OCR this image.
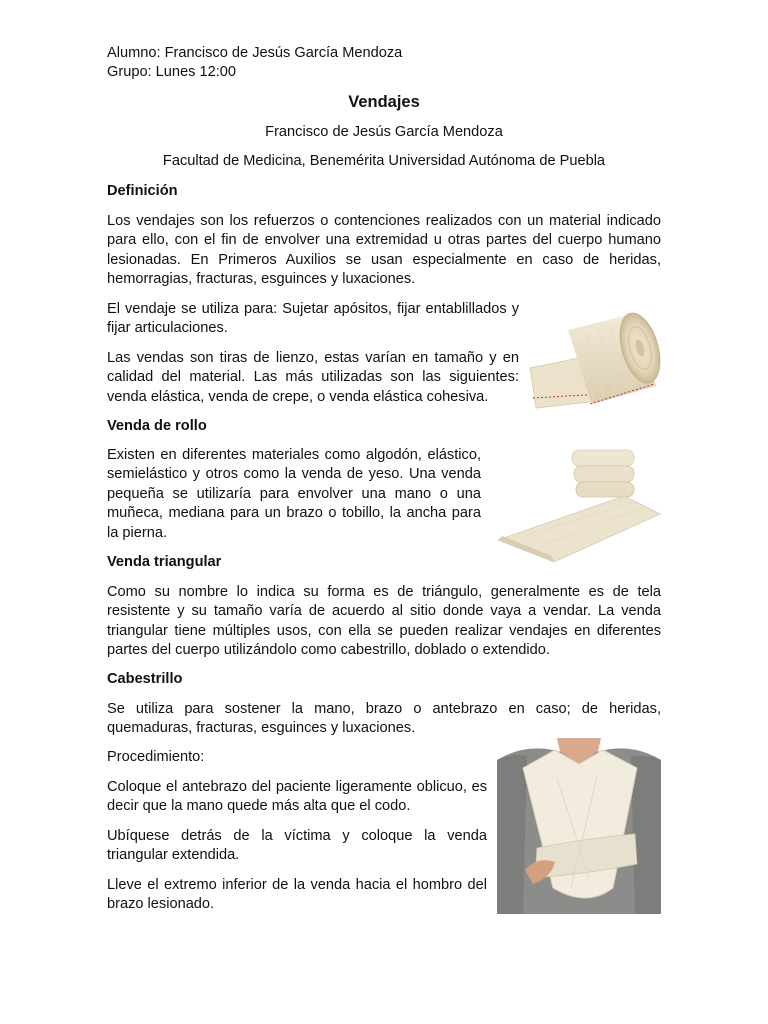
Alumno: Francisco de Jesús García Mendoza

Grupo: Lunes 12:00

Vendajes

Francisco de Jesús García Mendoza

Facultad de Medicina, Benemérita Universidad Autónoma de Puebla

Definición

Los vendajes son los refuerzos o contenciones realizados con un material indicado para ello, con el fin de envolver una extremidad u otras partes del cuerpo humano lesionadas. En Primeros Auxilios se usan especialmente en caso de heridas, hemorragias, fracturas, esguinces y luxaciones.

El vendaje se utiliza para: Sujetar apósitos, fijar entablillados y fijar articulaciones.

Las vendas son tiras de lienzo, estas varían en tamaño y en calidad del material. Las más utilizadas son las siguientes: venda elástica, venda de crepe, o venda elástica cohesiva.

Venda de rollo

Existen en diferentes materiales como algodón, elástico, semielástico y otros como la venda de yeso. Una venda pequeña se utilizaría para envolver una mano o una muñeca, mediana para un brazo o tobillo, la ancha para la pierna.

Venda triangular

Como su nombre lo indica su forma es de triángulo, generalmente es de tela resistente y su tamaño varía de acuerdo al sitio donde vaya a vendar. La venda triangular tiene múltiples usos, con ella se pueden realizar vendajes en diferentes partes del cuerpo utilizándolo como cabestrillo, doblado o extendido.

Cabestrillo

Se utiliza para sostener la mano, brazo o antebrazo en caso; de heridas, quemaduras, fracturas, esguinces y luxaciones.

Procedimiento:

Coloque el antebrazo del paciente ligeramente oblicuo, es decir que la mano quede más alta que el codo.

Ubíquese detrás de la víctima y coloque la venda triangular extendida.

Lleve el extremo inferior de la venda hacia el hombro del brazo lesionado.
